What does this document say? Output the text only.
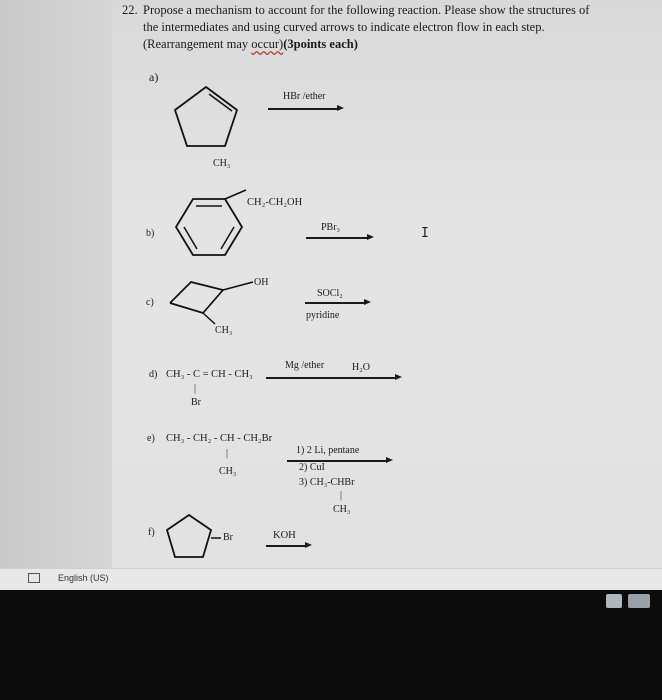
22. Propose a mechanism to account for the following reaction. Please show the structures of
the intermediates and using curved arrows to indicate electron flow in each step.
(Rearrangement may occur)(3points each)
a)
CH₃
HBr /ether
b)
CH₂-CH₂OH
PBr₃	I
OH
c)
CH₃
SOCl₂
pyridine
d) CH₃ - C = CH - CH₃
|
Br
Mg /ether	H₂O
e) CH₃ - CH₂ - CH - CH₂Br
|
CH₃
1) 2 Li, pentane
2) CuI
3) CH₃-CHBr
|
CH₃
f)	Br	KOH
English (US)
